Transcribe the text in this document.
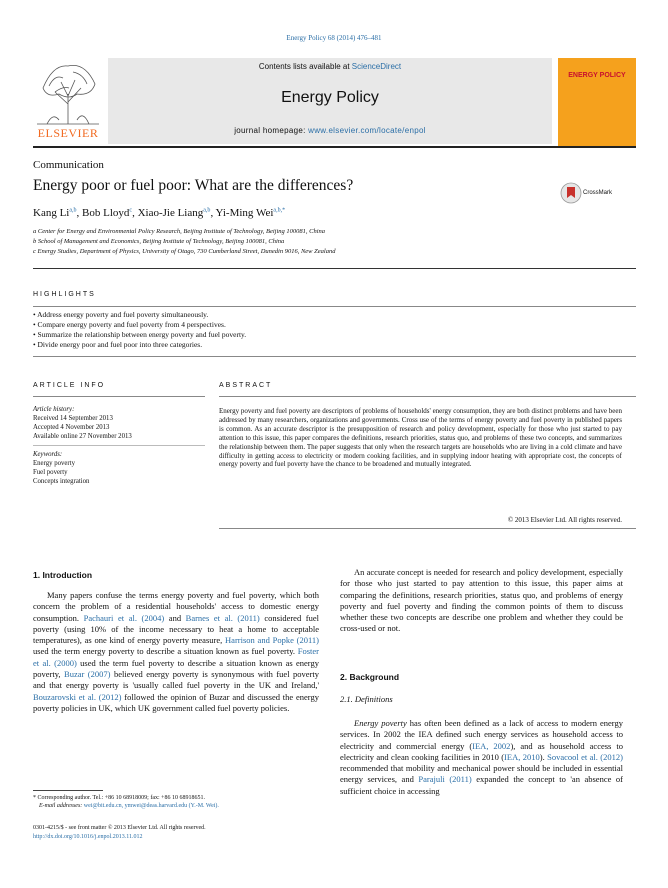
Energy Policy 68 (2014) 476–481
ELSEVIER
Contents lists available at ScienceDirect
Energy Policy
journal homepage: www.elsevier.com/locate/enpol
ENERGY POLICY
Communication
Energy poor or fuel poor: What are the differences?	CrossMark
Kang Li$^{a,b}$, Bob Lloyd$^c$, Xiao-Jie Liang$^{a,b}$, Yi-Ming Wei$^{a,b,*}$
a Center for Energy and Environmental Policy Research, Beijing Institute of Technology, Beijing 100081, China
b School of Management and Economics, Beijing Institute of Technology, Beijing 100081, China
c Energy Studies, Department of Physics, University of Otago, 730 Cumberland Street, Dunedin 9016, New Zealand
HIGHLIGHTS
• Address energy poverty and fuel poverty simultaneously.
• Compare energy poverty and fuel poverty from 4 perspectives.
• Summarize the relationship between energy poverty and fuel poverty.
• Divide energy poor and fuel poor into three categories.
ARTICLE INFO
Article history:
Received 14 September 2013
Accepted 4 November 2013
Available online 27 November 2013
Keywords:
Energy poverty
Fuel poverty
Concepts integration
ABSTRACT
Energy poverty and fuel poverty are descriptors of problems of households' energy consumption, they are both distinct problems and have been addressed by many researchers, organizations and governments. Cross use of the terms of energy poverty and fuel poverty in published papers is common. As an accurate descriptor is the presupposition of research and policy development, especially for those who just started to pay attention to this issue, this paper compares the definitions, research priorities, status quo, and problems of these two concepts, and summarizes the relationship between them. The paper suggests that only when the research targets are households who are living in a cold climate and have difficulty in getting access to electricity or modern cooking facilities, and in supplying indoor heating with appropriate cost, the concepts of energy poverty and fuel poverty have the chance to be broadened and mutually integrated.
© 2013 Elsevier Ltd. All rights reserved.
1. Introduction

Many papers confuse the terms energy poverty and fuel poverty, which both concern the problem of a residential households' access to domestic energy consumption. Pachauri et al. (2004) and Barnes et al. (2011) considered fuel poverty (using 10% of the income necessary to heat a home to acceptable temperatures), as one kind of energy poverty measure, Harrison and Popke (2011) used the term energy poverty to describe a situation known as fuel poverty. Foster et al. (2000) used the term fuel poverty to describe a situation known as energy poverty, Buzar (2007) believed energy poverty is synonymous with fuel poverty and that energy poverty is 'usually called fuel poverty in the UK and Ireland,' Bouzarovski et al. (2012) followed the opinion of Buzar and discussed the energy poverty policies in UK, which UK government called fuel poverty policies.

* Corresponding author. Tel.: +86 10 68918009; fax: +86 10 68918651.
E-mail addresses: wei@bit.edu.cn, ymwei@deas.harvard.edu (Y.-M. Wei).
0301-4215/$ - see front matter © 2013 Elsevier Ltd. All rights reserved.
http://dx.doi.org/10.1016/j.enpol.2013.11.012

An accurate concept is needed for research and policy development, especially for those who just started to pay attention to this issue, this paper aims at comparing the definitions, research priorities, status quo, and problems of energy poverty and fuel poverty and finding the common points of them to discuss whether these two concepts are describe one problem and whether they could be cross-used or not.

2. Background
2.1. Definitions

Energy poverty has often been defined as a lack of access to modern energy services. In 2002 the IEA defined such energy services as household access to electricity and commercial energy (IEA, 2002), and as household access to electricity and clean cooking facilities in 2010 (IEA, 2010). Sovacool et al. (2012) recommended that mobility and mechanical power should be included in essential energy services, and Parajuli (2011) expanded the concept to 'an absence of sufficient choice in accessing
